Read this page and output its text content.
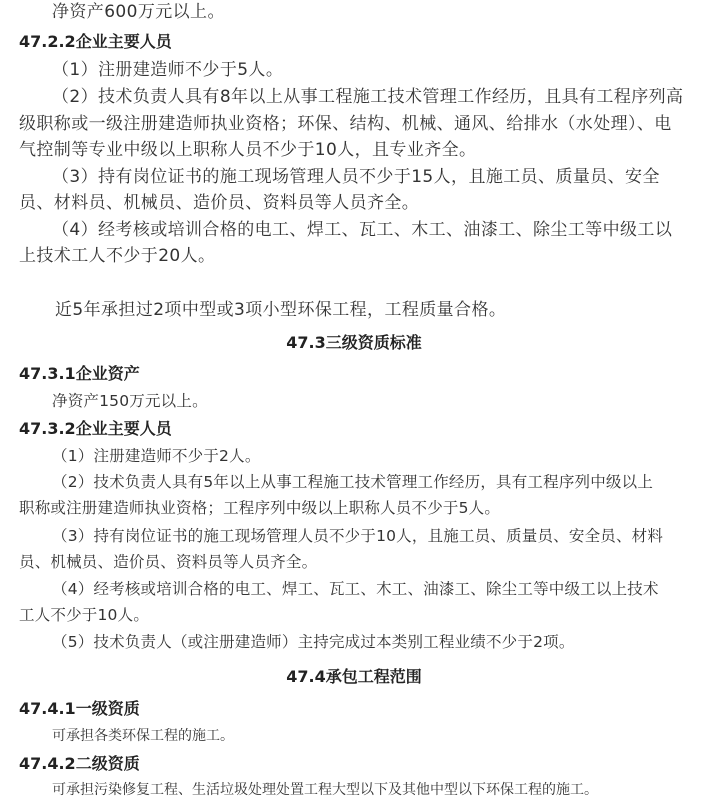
净资产600万元以上。
47.2.2企业主要人员
（1）注册建造师不少于5人。
（2）技术负责人具有8年以上从事工程施工技术管理工作经历，且具有工程序列高
级职称或一级注册建造师执业资格；环保、结构、机械、通风、给排水（水处理）、电
气控制等专业中级以上职称人员不少于10人，且专业齐全。
（3）持有岗位证书的施工现场管理人员不少于15人，且施工员、质量员、安全
员、材料员、机械员、造价员、资料员等人员齐全。
（4）经考核或培训合格的电工、焊工、瓦工、木工、油漆工、除尘工等中级工以
上技术工人不少于20人。
近5年承担过2项中型或3项小型环保工程，工程质量合格。
47.3三级资质标准
47.3.1企业资产
净资产150万元以上。
47.3.2企业主要人员
（1）注册建造师不少于2人。
（2）技术负责人具有5年以上从事工程施工技术管理工作经历，具有工程序列中级以上
职称或注册建造师执业资格；工程序列中级以上职称人员不少于5人。
（3）持有岗位证书的施工现场管理人员不少于10人，且施工员、质量员、安全员、材料
员、机械员、造价员、资料员等人员齐全。
（4）经考核或培训合格的电工、焊工、瓦工、木工、油漆工、除尘工等中级工以上技术
工人不少于10人。
（5）技术负责人（或注册建造师）主持完成过本类别工程业绩不少于2项。
47.4承包工程范围
47.4.1一级资质
可承担各类环保工程的施工。
47.4.2二级资质
可承担污染修复工程、生活垃圾处理处置工程大型以下及其他中型以下环保工程的施工。
